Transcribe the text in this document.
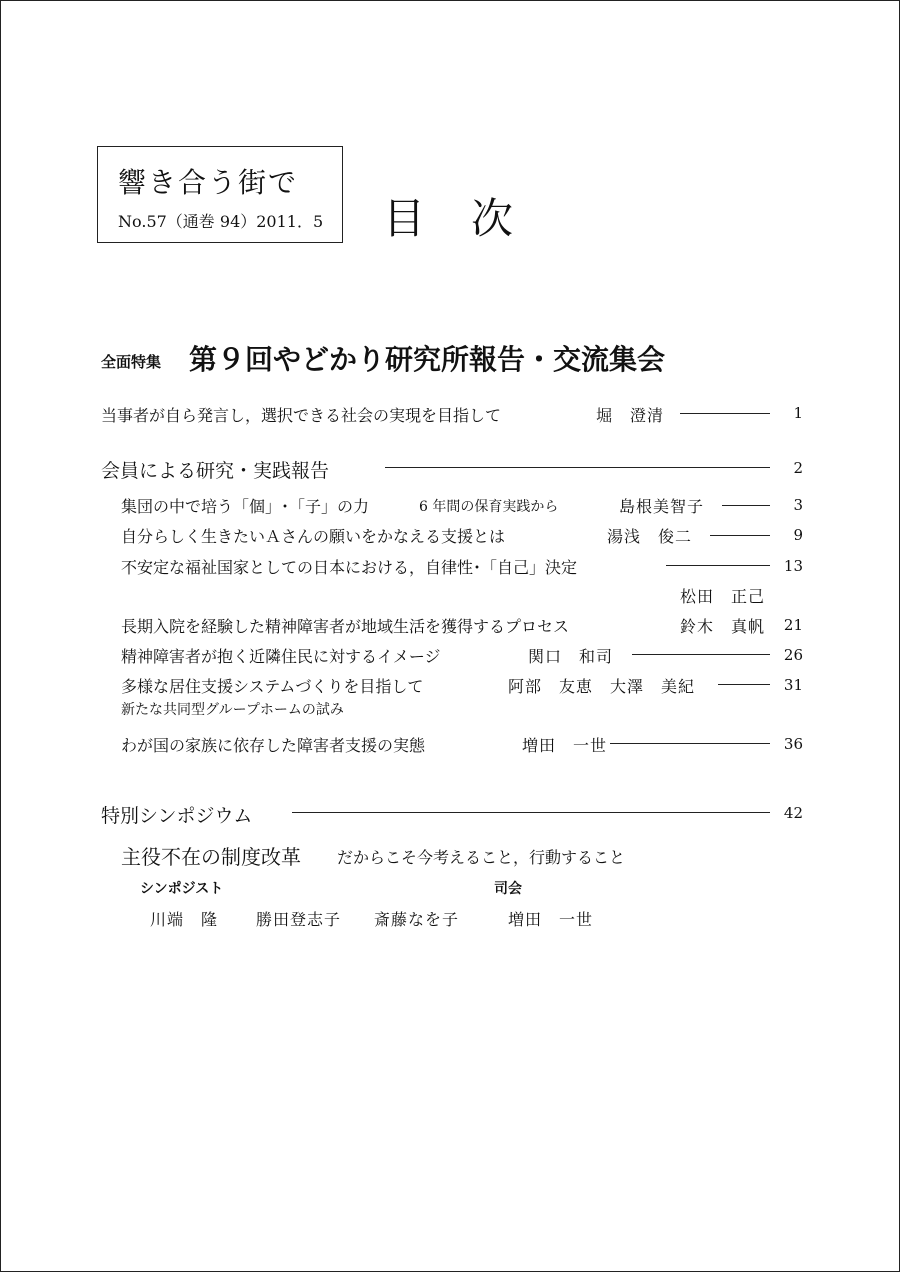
響き合う街で
No.57（通巻 94）2011．5 目次
全面特集 第９回やどかり研究所報告・交流集会
当事者が自ら発言し，選択できる社会の実現を目指して	堀　澄清	1
会員による研究・実践報告	2
集団の中で培う「個」･「子」の力	6 年間の保育実践から	島根美智子	3
自分らしく生きたいＡさんの願いをかなえる支援とは	湯浅　俊二	9
不安定な福祉国家としての日本における，自律性･「自己」決定	13
松田　正己
長期入院を経験した精神障害者が地域生活を獲得するプロセス	鈴木　真帆	21
精神障害者が抱く近隣住民に対するイメージ	関口　和司	26
多様な居住支援システムづくりを目指して	阿部　友恵　大澤　美紀	31
新たな共同型グループホームの試み
わが国の家族に依存した障害者支援の実態	増田　一世	36
特別シンポジウム	42
主役不在の制度改革 だからこそ今考えること，行動すること
シンポジスト	司会
川端　隆 勝田登志子 斎藤なを子	増田　一世
